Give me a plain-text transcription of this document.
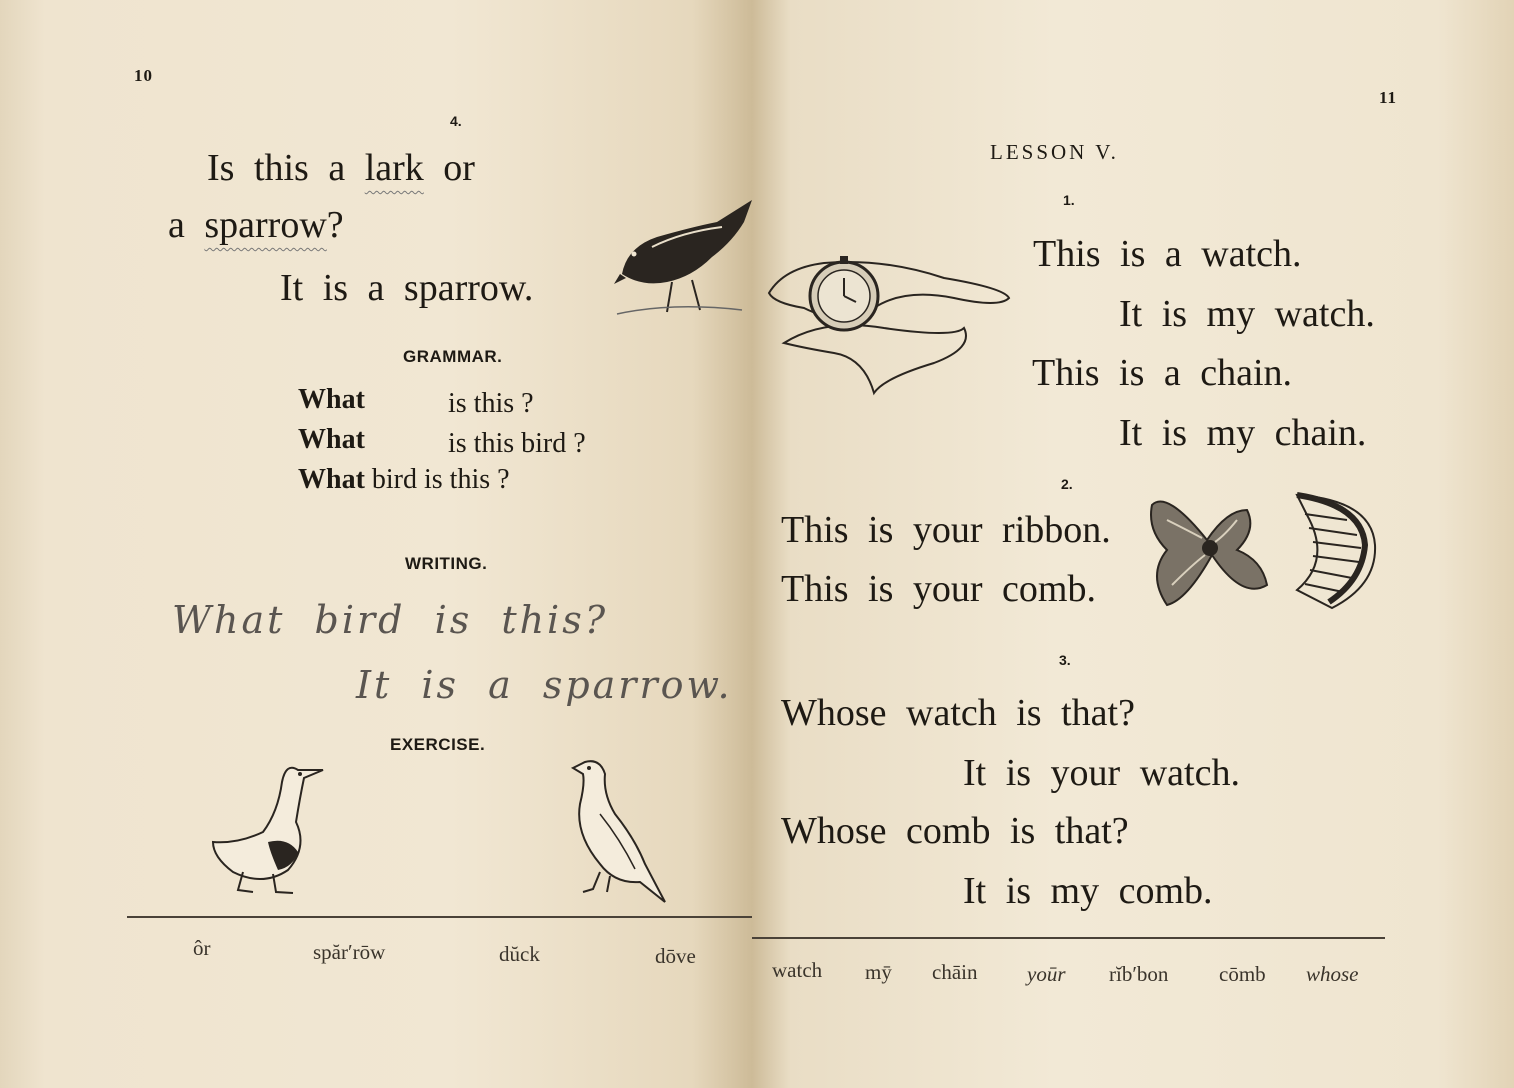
10
4.
Is this a lark or
a sparrow?
It is a sparrow.
GRAMMAR.
What	is this ?
What	is this bird ?
What bird is this ?
WRITING.
What bird is this?
It is a sparrow.
EXERCISE.
ôr	spăr′rōw	dŭck	dōve
11
LESSON V.
1.
This is a watch.
It is my watch.
This is a chain.
It is my chain.
2.
This is your ribbon.
This is your comb.
3.
Whose watch is that?
It is your watch.
Whose comb is that?
It is my comb.
watch mȳ chāin yoūr rĭb′bon cōmb whose
